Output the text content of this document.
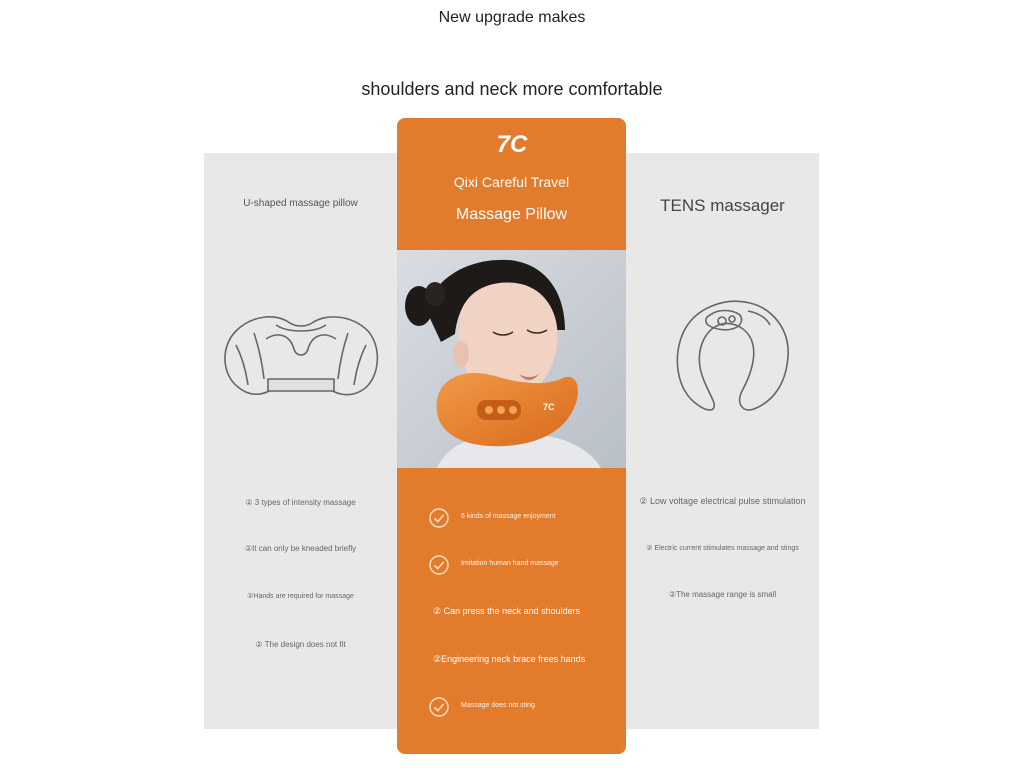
New upgrade makes
shoulders and neck more comfortable
U-shaped massage pillow
② 3 types of intensity massage
②It can only be kneaded briefly
②Hands are required for massage
② The design does not fit
7C
Qixi Careful Travel
Massage Pillow
7C
6 kinds of massage enjoyment
Imitation human hand massage
② Can press the neck and shoulders
②Engineering neck brace frees hands
Massage does not sting
TENS massager
② Low voltage electrical pulse stimulation
② Electric current stimulates massage and stings
②The massage range is small
